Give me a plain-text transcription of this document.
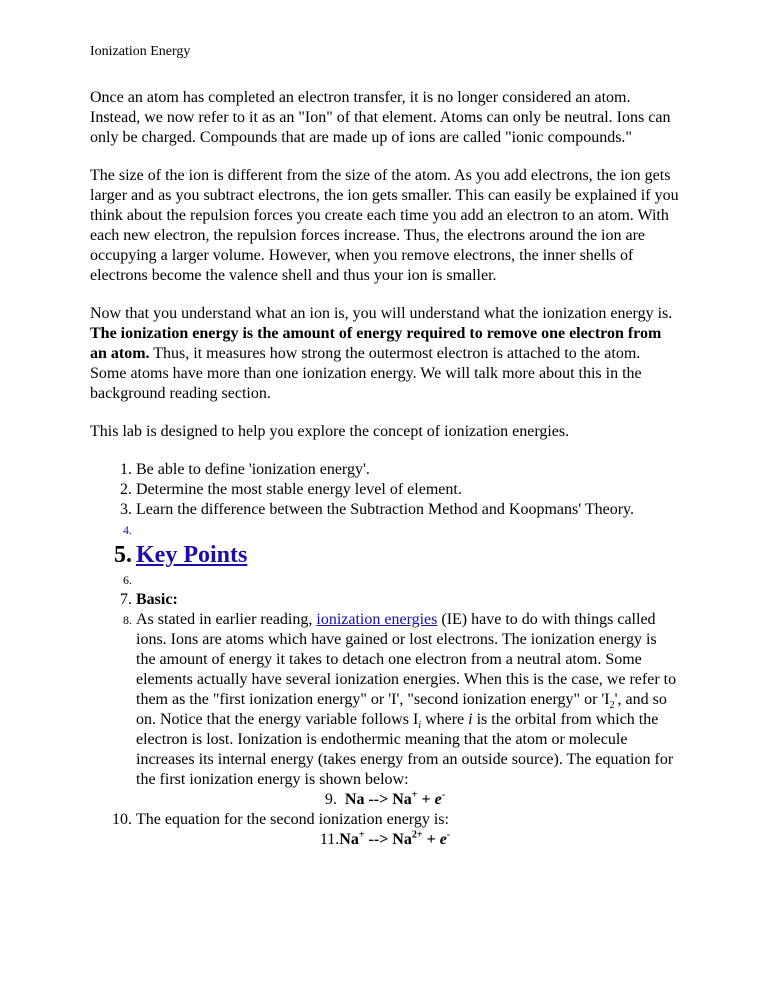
Ionization Energy

Once an atom has completed an electron transfer, it is no longer considered an atom. Instead, we now refer to it as an "Ion" of that element. Atoms can only be neutral. Ions can only be charged. Compounds that are made up of ions are called "ionic compounds."

The size of the ion is different from the size of the atom. As you add electrons, the ion gets larger and as you subtract electrons, the ion gets smaller. This can easily be explained if you think about the repulsion forces you create each time you add an electron to an atom. With each new electron, the repulsion forces increase. Thus, the electrons around the ion are occupying a larger volume. However, when you remove electrons, the inner shells of electrons become the valence shell and thus your ion is smaller.

Now that you understand what an ion is, you will understand what the ionization energy is. The ionization energy is the amount of energy required to remove one electron from an atom. Thus, it measures how strong the outermost electron is attached to the atom. Some atoms have more than one ionization energy. We will talk more about this in the background reading section.

This lab is designed to help you explore the concept of ionization energies.

1. Be able to define 'ionization energy'.
2. Determine the most stable energy level of element.
3. Learn the difference between the Subtraction Method and Koopmans' Theory.
4.
5. Key Points
6.
7. Basic:
8. As stated in earlier reading, ionization energies (IE) have to do with things called ions. Ions are atoms which have gained or lost electrons. The ionization energy is the amount of energy it takes to detach one electron from a neutral atom. Some elements actually have several ionization energies. When this is the case, we refer to them as the "first ionization energy" or 'I', "second ionization energy" or '$I_2$', and so on. Notice that the energy variable follows $I_i$ where i is the orbital from which the electron is lost. Ionization is endothermic meaning that the atom or molecule increases its internal energy (takes energy from an outside source). The equation for the first ionization energy is shown below:
9. Na --> Na+ + e-
10. The equation for the second ionization energy is:
11.Na+ --> $Na^{2+} + e^-$
